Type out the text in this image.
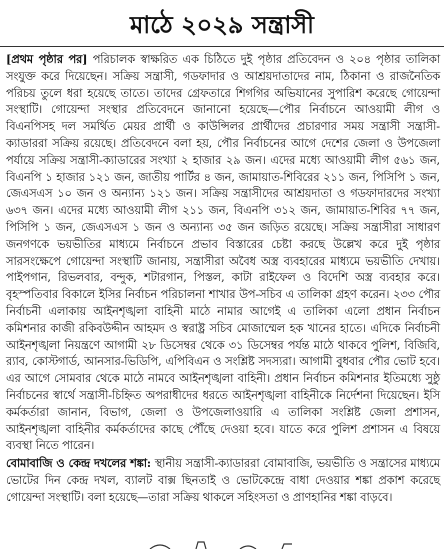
মাঠে ২০২৯ সন্ত্রাসী

[প্রথম পৃষ্ঠার পর] পরিচালক স্বাক্ষরিত এক চিঠিতে দুই পৃষ্ঠার প্রতিবেদন ও ২০৪ পৃষ্ঠার তালিকা সংযুক্ত করে দিয়েছেন। সক্রিয় সন্ত্রাসী, গডফাদার ও আশ্রয়দাতাদের নাম, ঠিকানা ও রাজনৈতিক পরিচয় তুলে ধরা হয়েছে তাতে। তাদের গ্রেফতারে শিগগির অভিযানের সুপারিশ করেছে গোয়েন্দা সংস্থাটি। গোয়েন্দা সংস্থার প্রতিবেদনে জানানো হয়েছে—পৌর নির্বাচনে আওয়ামী লীগ ও বিএনপিসহ দল সমর্থিত মেয়র প্রার্থী ও কাউন্সিলর প্রার্থীদের প্রচারণার সময় সন্ত্রাসী সন্ত্রাসী-ক্যাডাররা সক্রিয় রয়েছে। প্রতিবেদনে বলা হয়, পৌর নির্বাচনের আগে দেশের জেলা ও উপজেলা পর্যায়ে সক্রিয় সন্ত্রাসী-ক্যাডারের সংখ্যা ২ হাজার ২৯ জন। এদের মধ্যে আওয়ামী লীগ ৫৬১ জন, বিএনপি ১ হাজার ১২১ জন, জাতীয় পার্টির ৪ জন, জামায়াত-শিবিরের ২১১ জন, পিসিপি ১ জন, জেএসএস ১০ জন ও অন্যান্য ১২১ জন। সক্রিয় সন্ত্রাসীদের আশ্রয়দাতা ও গডফাদারদের সংখ্যা ৬৩৭ জন। এদের মধ্যে আওয়ামী লীগ ২১১ জন, বিএনপি ৩১২ জন, জামায়াত-শিবির ৭৭ জন, পিসিপি ১ জন, জেএসএস ১ জন ও অন্যান্য ৩৫ জন জড়িত রয়েছে। সক্রিয় সন্ত্রাসীরা সাধারণ জনগণকে ভয়ভীতির মাধ্যমে নির্বাচনে প্রভাব বিস্তারের চেষ্টা করছে উল্লেখ করে দুই পৃষ্ঠার সারসংক্ষেপে গোয়েন্দা সংস্থাটি জানায়, সন্ত্রাসীরা অবৈধ অস্ত্র ব্যবহারের মাধ্যমে ভয়ভীতি দেখায়। পাইপগান, রিভলবার, বন্দুক, শটারগান, পিস্তল, কাটা রাইফেল ও বিদেশি অস্ত্র ব্যবহার করে। বৃহস্পতিবার বিকালে ইসির নির্বাচন পরিচালনা শাখার উপ-সচিব এ তালিকা গ্রহণ করেন। ২৩৩ পৌর নির্বাচনী এলাকায় আইনশৃঙ্খলা বাহিনী মাঠে নামার আগেই এ তালিকা এলো প্রধান নির্বাচন কমিশনার কাজী রকিবউদ্দীন আহমদ ও স্বরাষ্ট্র সচিব মোজাম্মেল হক খানের হাতে। এদিকে নির্বাচনী আইনশৃঙ্খলা নিয়ন্ত্রণে আগামী ২৮ ডিসেম্বর থেকে ৩১ ডিসেম্বর পর্যন্ত মাঠে থাকবে পুলিশ, বিজিবি, র‌্যাব, কোস্টগার্ড, আনসার-ভিডিপি, এপিবিএন ও সংশ্লিষ্ট সদস্যরা। আগামী বুধবার পৌর ভোট হবে। এর আগে সোমবার থেকে মাঠে নামবে আইনশৃঙ্খলা বাহিনী। প্রধান নির্বাচন কমিশনার ইতিমধ্যে সুষ্ঠু নির্বাচনের স্বার্থে সন্ত্রাসী-চিহ্নিত অপরাধীদের ধরতে আইনশৃঙ্খলা বাহিনীকে নির্দেশনা দিয়েছেন। ইসি কর্মকর্তারা জানান, বিভাগ, জেলা ও উপজেলাওয়ারি এ তালিকা সংশ্লিষ্ট জেলা প্রশাসন, আইনশৃঙ্খলা বাহিনীর কর্মকর্তাদের কাছে পৌঁছে দেওয়া হবে। যাতে করে পুলিশ প্রশাসন এ বিষয়ে ব্যবস্থা নিতে পারেন।

বোমাবাজি ও কেন্দ্র দখলের শঙ্কা: স্থানীয় সন্ত্রাসী-ক্যাডাররা বোমাবাজি, ভয়ভীতি ও সন্ত্রাসের মাধ্যমে ভোটের দিন কেন্দ্র দখল, ব্যালট বাক্স ছিনতাই ও ভোটকেন্দ্রে বাধা দেওয়ার শঙ্কা প্রকাশ করেছে গোয়েন্দা সংস্থাটি। বলা হয়েছে—তারা সক্রিয় থাকলে সহিংসতা ও প্রাণহানির শঙ্কা বাড়বে।
